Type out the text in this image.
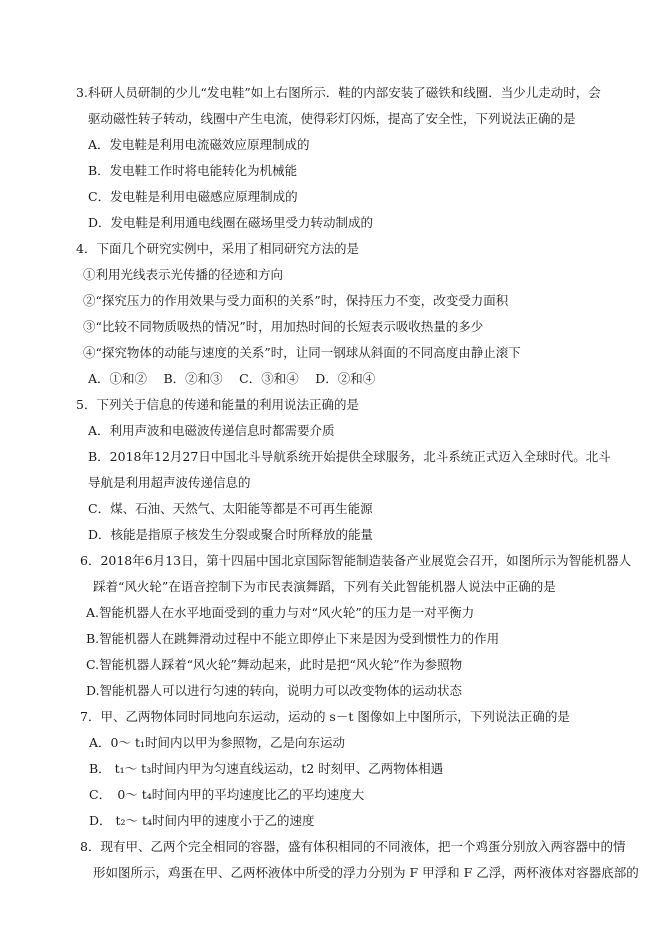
3.科研人员研制的少儿“发电鞋”如上右图所示．鞋的内部安装了磁铁和线圈．当少儿走动时，会
驱动磁性转子转动，线圈中产生电流，使得彩灯闪烁，提高了安全性，下列说法正确的是
A．发电鞋是利用电流磁效应原理制成的
B．发电鞋工作时将电能转化为机械能
C．发电鞋是利用电磁感应原理制成的
D．发电鞋是利用通电线圈在磁场里受力转动制成的
4．下面几个研究实例中，采用了相同研究方法的是
①利用光线表示光传播的径迹和方向
②“探究压力的作用效果与受力面积的关系”时，保持压力不变，改变受力面积
③“比较不同物质吸热的情况”时，用加热时间的长短表示吸收热量的多少
④“探究物体的动能与速度的关系”时，让同一钢球从斜面的不同高度由静止滚下
A．①和②　 B．②和③　 C．③和④　 D．②和④
5．下列关于信息的传递和能量的利用说法正确的是
A．利用声波和电磁波传递信息时都需要介质
B．2018年12月27日中国北斗导航系统开始提供全球服务，北斗系统正式迈入全球时代。北斗
导航是利用超声波传递信息的
C．煤、石油、天然气、太阳能等都是不可再生能源
D．核能是指原子核发生分裂或聚合时所释放的能量
6．2018年6月13日，第十四届中国北京国际智能制造装备产业展览会召开，如图所示为智能机器人
踩着“风火轮”在语音控制下为市民表演舞蹈，下列有关此智能机器人说法中正确的是
A.智能机器人在水平地面受到的重力与对“风火轮”的压力是一对平衡力
B.智能机器人在跳舞滑动过程中不能立即停止下来是因为受到惯性力的作用
C.智能机器人踩着“风火轮”舞动起来，此时是把“风火轮”作为参照物
D.智能机器人可以进行匀速的转向，说明力可以改变物体的运动状态
7．甲、乙两物体同时同地向东运动，运动的 s－t 图像如上中图所示，下列说法正确的是
A．0～ t₁时间内以甲为参照物，乙是向东运动
B． t₁～ t₃时间内甲为匀速直线运动，t2 时刻甲、乙两物体相遇
C．　0～ t₄时间内甲的平均速度比乙的平均速度大
D． t₂～ t₄时间内甲的速度小于乙的速度
8．现有甲、乙两个完全相同的容器，盛有体积相同的不同液体，把一个鸡蛋分别放入两容器中的情
形如图所示，鸡蛋在甲、乙两杯液体中所受的浮力分别为 F 甲浮和 F 乙浮，两杯液体对容器底部的
